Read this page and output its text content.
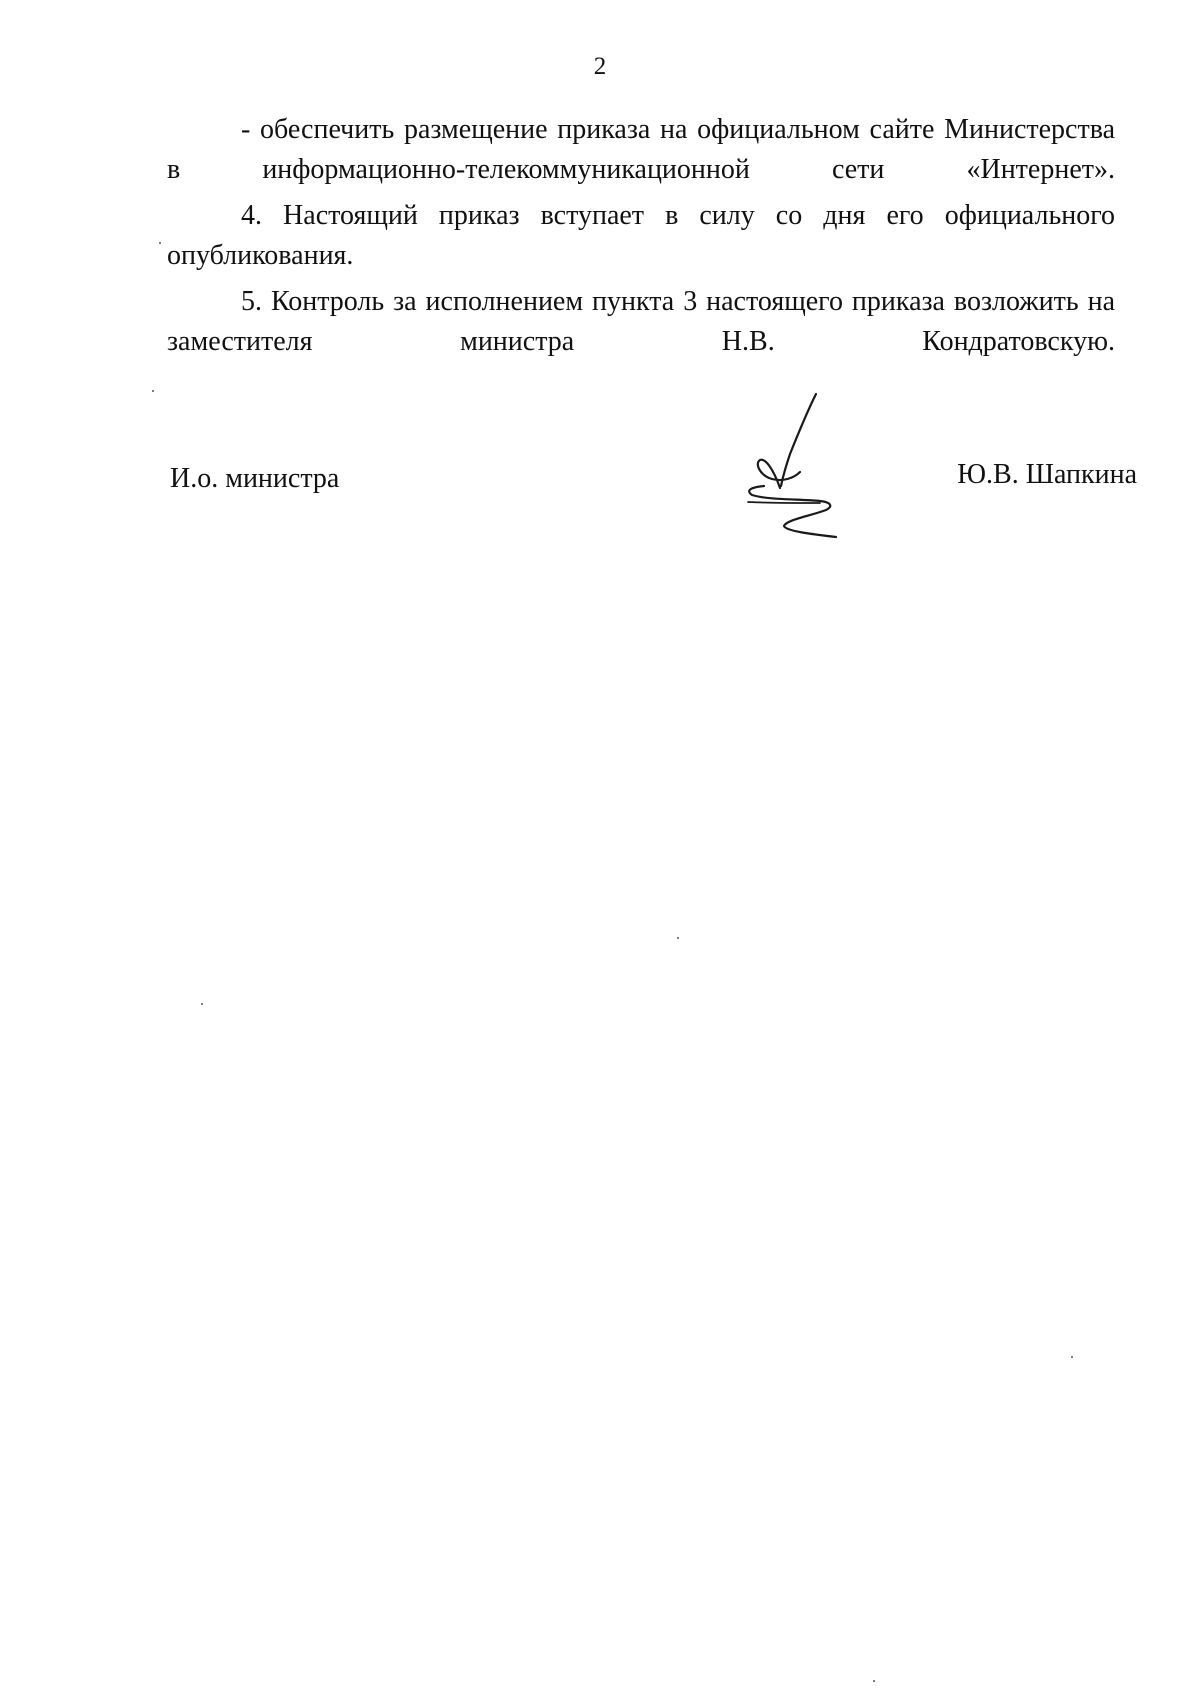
2

- обеспечить размещение приказа на официальном сайте Министерства в информационно-телекоммуникационной сети «Интернет».

4. Настоящий приказ вступает в силу со дня его официального опубликования.

5. Контроль за исполнением пункта 3 настоящего приказа возложить на заместителя министра Н.В. Кондратовскую.

И.о. министра	Ю.В. Шапкина
